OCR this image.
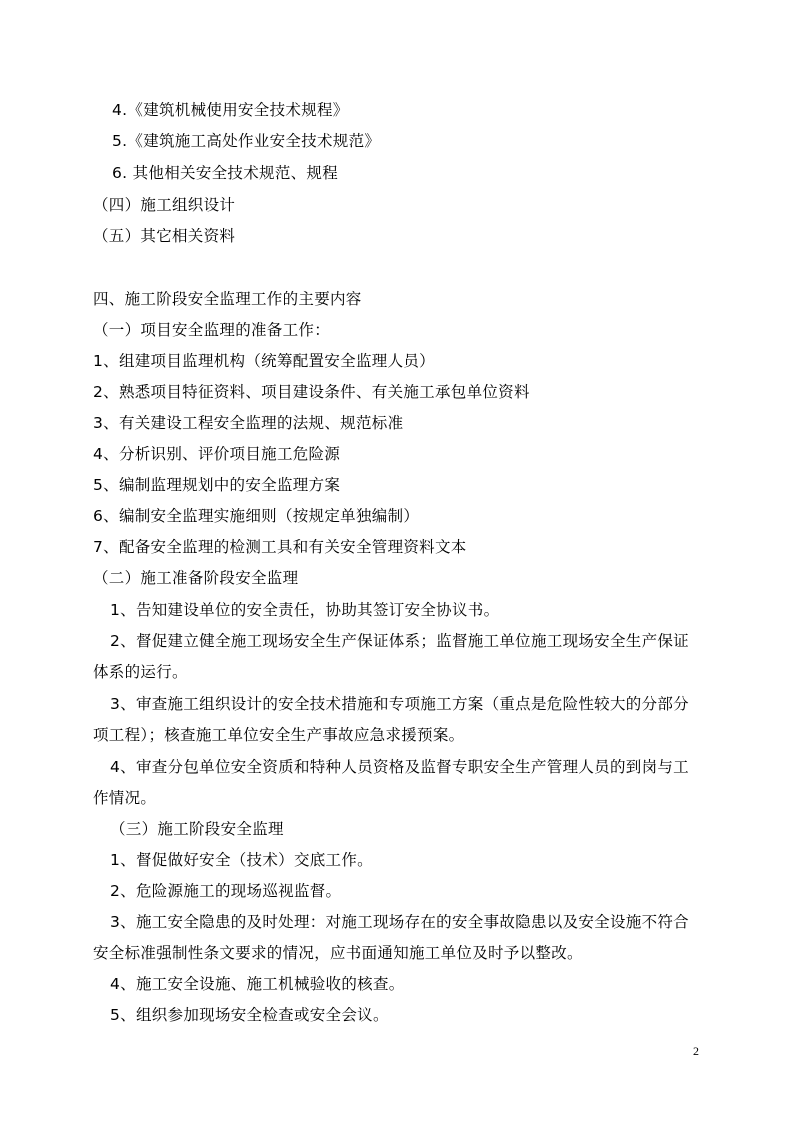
4.《建筑机械使用安全技术规程》
5.《建筑施工高处作业安全技术规范》
6. 其他相关安全技术规范、规程
（四）施工组织设计
（五）其它相关资料
四、施工阶段安全监理工作的主要内容
（一）项目安全监理的准备工作：
1、组建项目监理机构（统筹配置安全监理人员）
2、熟悉项目特征资料、项目建设条件、有关施工承包单位资料
3、有关建设工程安全监理的法规、规范标准
4、分析识别、评价项目施工危险源
5、编制监理规划中的安全监理方案
6、编制安全监理实施细则（按规定单独编制）
7、配备安全监理的检测工具和有关安全管理资料文本
（二）施工准备阶段安全监理
1、告知建设单位的安全责任，协助其签订安全协议书。
2、督促建立健全施工现场安全生产保证体系；监督施工单位施工现场安全生产保证
体系的运行。
3、审查施工组织设计的安全技术措施和专项施工方案（重点是危险性较大的分部分
项工程）；核查施工单位安全生产事故应急求援预案。
4、审查分包单位安全资质和特种人员资格及监督专职安全生产管理人员的到岗与工
作情况。
（三）施工阶段安全监理
1、督促做好安全（技术）交底工作。
2、危险源施工的现场巡视监督。
3、施工安全隐患的及时处理：对施工现场存在的安全事故隐患以及安全设施不符合
安全标准强制性条文要求的情况，应书面通知施工单位及时予以整改。
4、施工安全设施、施工机械验收的核查。
5、组织参加现场安全检查或安全会议。
2
